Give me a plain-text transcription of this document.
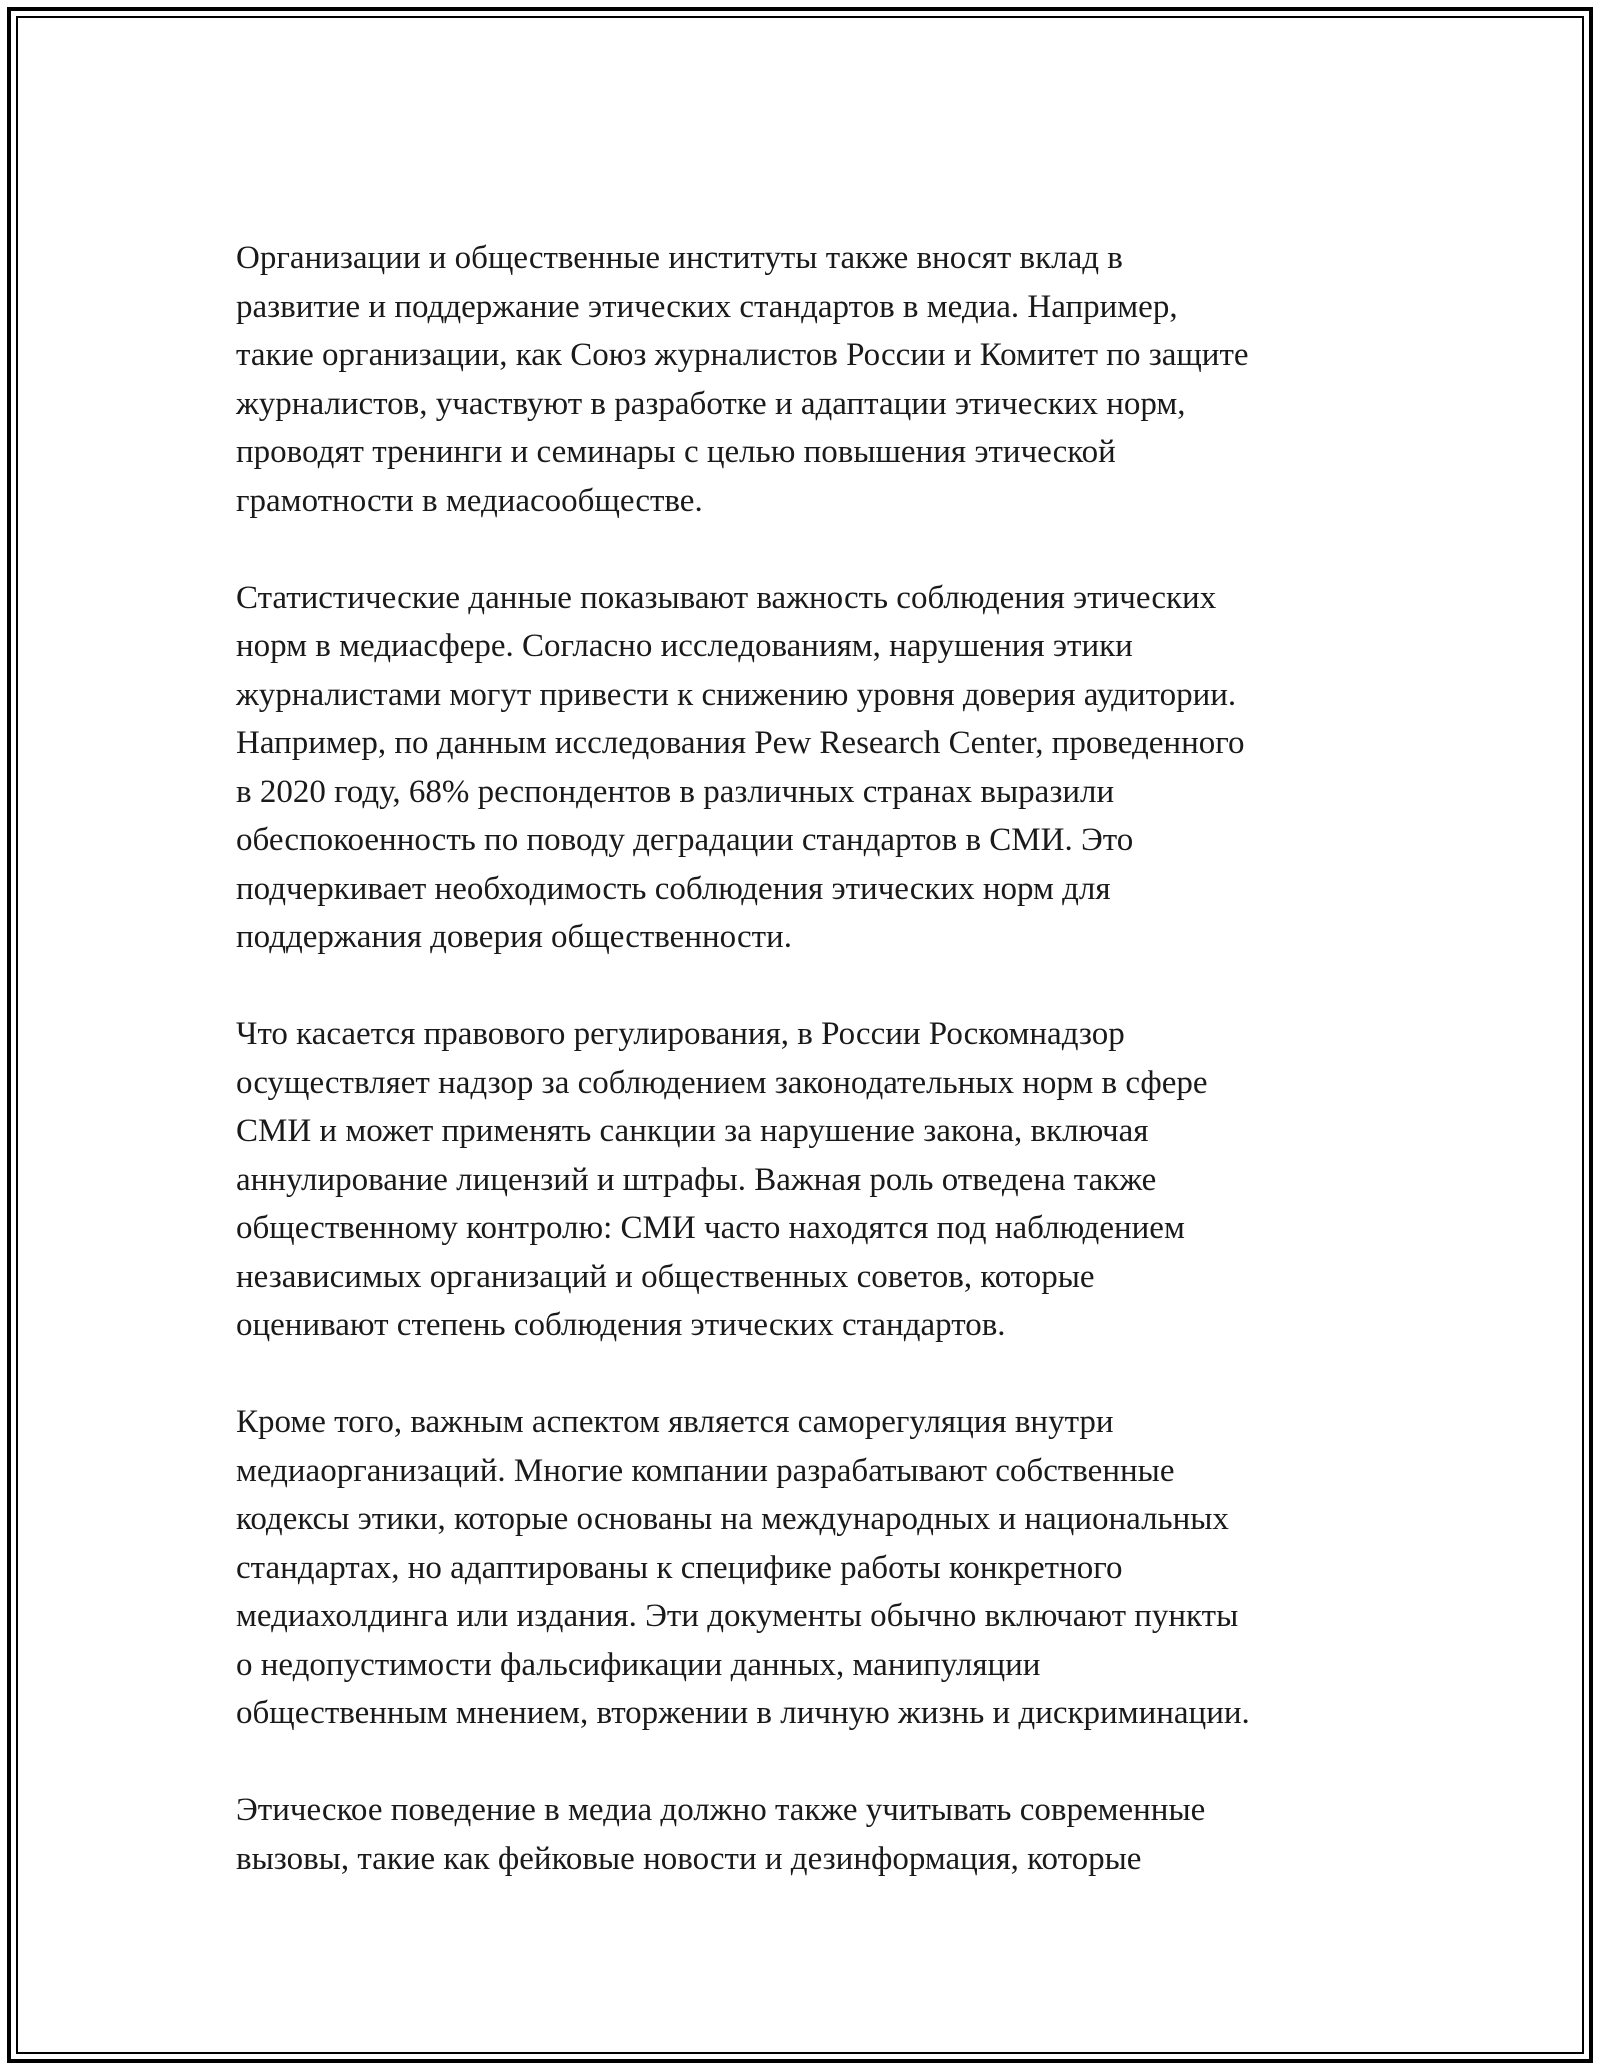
Организации и общественные институты также вносят вклад в
развитие и поддержание этических стандартов в медиа. Например,
такие организации, как Союз журналистов России и Комитет по защите
журналистов, участвуют в разработке и адаптации этических норм,
проводят тренинги и семинары с целью повышения этической
грамотности в медиасообществе.

Статистические данные показывают важность соблюдения этических
норм в медиасфере. Согласно исследованиям, нарушения этики
журналистами могут привести к снижению уровня доверия аудитории.
Например, по данным исследования Pew Research Center, проведенного
в 2020 году, 68% респондентов в различных странах выразили
обеспокоенность по поводу деградации стандартов в СМИ. Это
подчеркивает необходимость соблюдения этических норм для
поддержания доверия общественности.

Что касается правового регулирования, в России Роскомнадзор
осуществляет надзор за соблюдением законодательных норм в сфере
СМИ и может применять санкции за нарушение закона, включая
аннулирование лицензий и штрафы. Важная роль отведена также
общественному контролю: СМИ часто находятся под наблюдением
независимых организаций и общественных советов, которые
оценивают степень соблюдения этических стандартов.

Кроме того, важным аспектом является саморегуляция внутри
медиаорганизаций. Многие компании разрабатывают собственные
кодексы этики, которые основаны на международных и национальных
стандартах, но адаптированы к специфике работы конкретного
медиахолдинга или издания. Эти документы обычно включают пункты
о недопустимости фальсификации данных, манипуляции
общественным мнением, вторжении в личную жизнь и дискриминации.

Этическое поведение в медиа должно также учитывать современные
вызовы, такие как фейковые новости и дезинформация, которые
